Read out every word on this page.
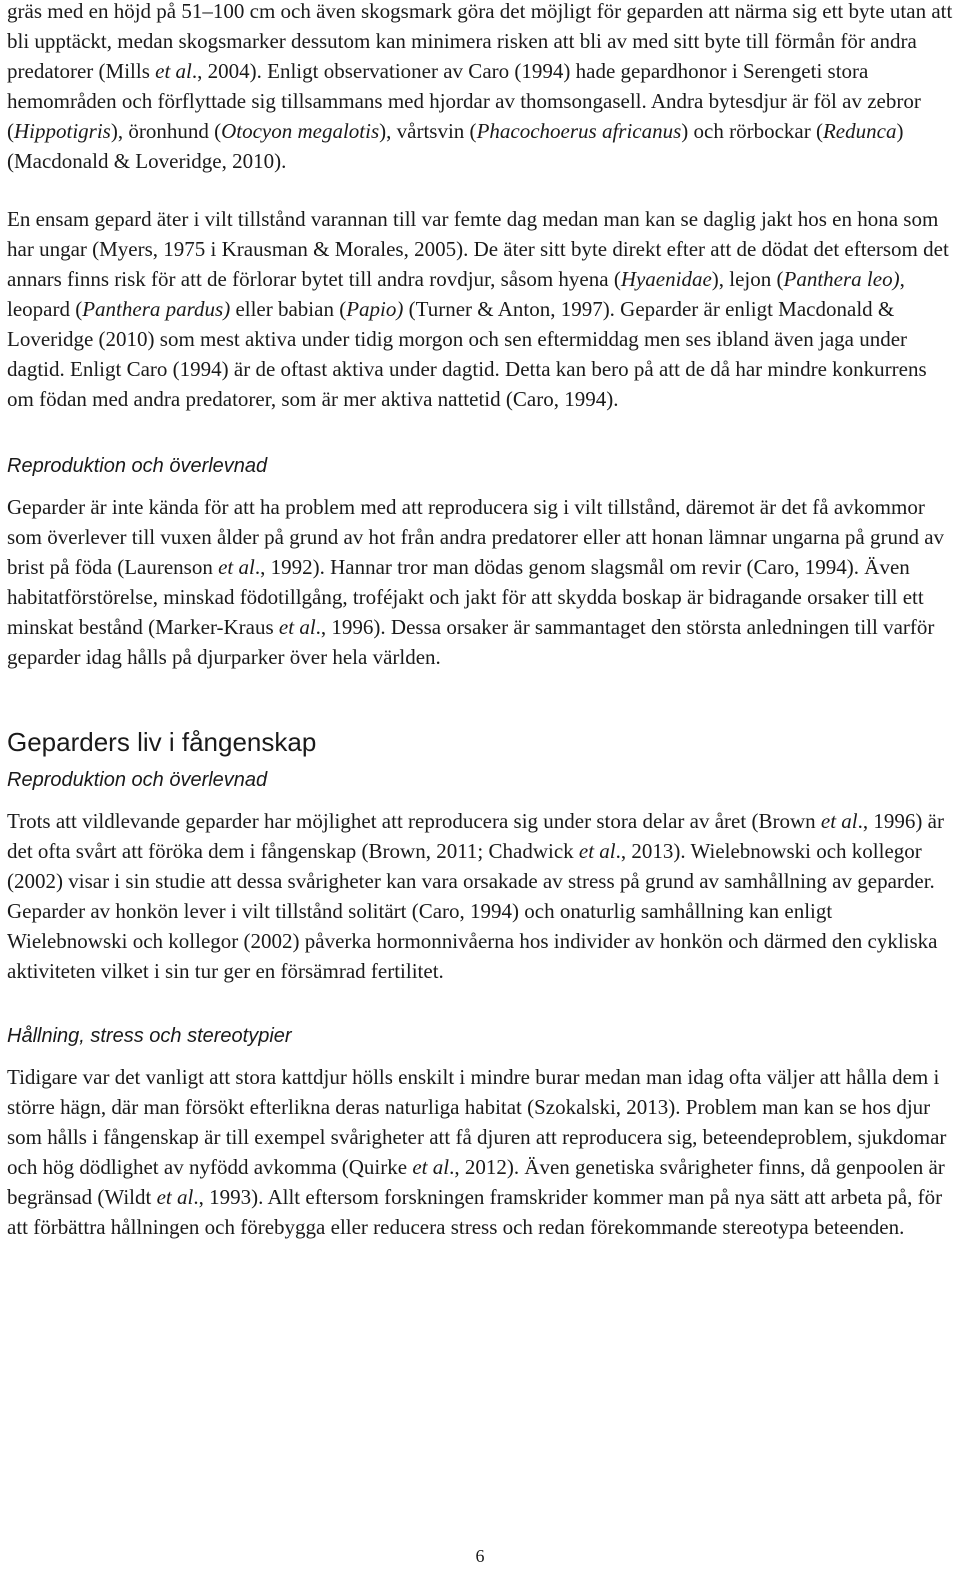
gräs med en höjd på 51–100 cm och även skogsmark göra det möjligt för geparden att närma sig ett byte utan att bli upptäckt, medan skogsmarker dessutom kan minimera risken att bli av med sitt byte till förmån för andra predatorer (Mills et al., 2004). Enligt observationer av Caro (1994) hade gepardhonor i Serengeti stora hemområden och förflyttade sig tillsammans med hjordar av thomsongasell. Andra bytesdjur är föl av zebror (Hippotigris), öronhund (Otocyon megalotis), vårtsvin (Phacochoerus africanus) och rörbockar (Redunca) (Macdonald & Loveridge, 2010).

En ensam gepard äter i vilt tillstånd varannan till var femte dag medan man kan se daglig jakt hos en hona som har ungar (Myers, 1975 i Krausman & Morales, 2005). De äter sitt byte direkt efter att de dödat det eftersom det annars finns risk för att de förlorar bytet till andra rovdjur, såsom hyena (Hyaenidae), lejon (Panthera leo), leopard (Panthera pardus) eller babian (Papio) (Turner & Anton, 1997). Geparder är enligt Macdonald & Loveridge (2010) som mest aktiva under tidig morgon och sen eftermiddag men ses ibland även jaga under dagtid. Enligt Caro (1994) är de oftast aktiva under dagtid. Detta kan bero på att de då har mindre konkurrens om födan med andra predatorer, som är mer aktiva nattetid (Caro, 1994).

Reproduktion och överlevnad

Geparder är inte kända för att ha problem med att reproducera sig i vilt tillstånd, däremot är det få avkommor som överlever till vuxen ålder på grund av hot från andra predatorer eller att honan lämnar ungarna på grund av brist på föda (Laurenson et al., 1992). Hannar tror man dödas genom slagsmål om revir (Caro, 1994). Även habitatförstörelse, minskad födotillgång, troféjakt och jakt för att skydda boskap är bidragande orsaker till ett minskat bestånd (Marker-Kraus et al., 1996). Dessa orsaker är sammantaget den största anledningen till varför geparder idag hålls på djurparker över hela världen.

Geparders liv i fångenskap
Reproduktion och överlevnad

Trots att vildlevande geparder har möjlighet att reproducera sig under stora delar av året (Brown et al., 1996) är det ofta svårt att föröka dem i fångenskap (Brown, 2011; Chadwick et al., 2013). Wielebnowski och kollegor (2002) visar i sin studie att dessa svårigheter kan vara orsakade av stress på grund av samhållning av geparder. Geparder av honkön lever i vilt tillstånd solitärt (Caro, 1994) och onaturlig samhållning kan enligt Wielebnowski och kollegor (2002) påverka hormonnivåerna hos individer av honkön och därmed den cykliska aktiviteten vilket i sin tur ger en försämrad fertilitet.

Hållning, stress och stereotypier

Tidigare var det vanligt att stora kattdjur hölls enskilt i mindre burar medan man idag ofta väljer att hålla dem i större hägn, där man försökt efterlikna deras naturliga habitat (Szokalski, 2013). Problem man kan se hos djur som hålls i fångenskap är till exempel svårigheter att få djuren att reproducera sig, beteendeproblem, sjukdomar och hög dödlighet av nyfödd avkomma (Quirke et al., 2012). Även genetiska svårigheter finns, då genpoolen är begränsad (Wildt et al., 1993). Allt eftersom forskningen framskrider kommer man på nya sätt att arbeta på, för att förbättra hållningen och förebygga eller reducera stress och redan förekommande stereotypa beteenden.

6
